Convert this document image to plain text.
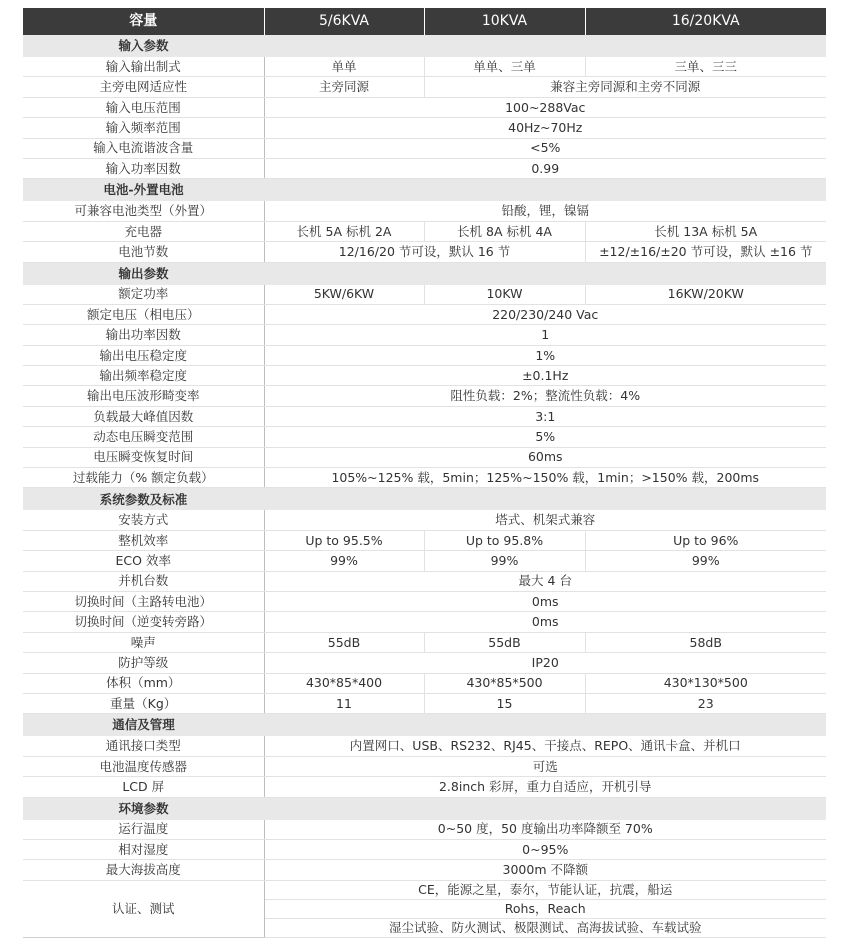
容量	5/6KVA	10KVA	16/20KVA
输入参数			
输入输出制式	单单	单单、三单	三单、三三
主旁电网适应性	主旁同源	兼容主旁同源和主旁不同源	
输入电压范围	100~288Vac		
输入频率范围	40Hz~70Hz		
输入电流谐波含量	<5%		
输入功率因数	0.99		
电池-外置电池			
可兼容电池类型（外置）	铅酸，锂，镍镉		
充电器	长机 5A 标机 2A	长机 8A 标机 4A	长机 13A 标机 5A
电池节数	12/16/20 节可设，默认 16 节		±12/±16/±20 节可设，默认 ±16 节
输出参数			
额定功率	5KW/6KW	10KW	16KW/20KW
额定电压（相电压）	220/230/240 Vac		
输出功率因数	1		
输出电压稳定度	1%		
输出频率稳定度	±0.1Hz		
输出电压波形畸变率	阻性负载：2%；整流性负载：4%		
负载最大峰值因数	3:1		
动态电压瞬变范围	5%		
电压瞬变恢复时间	60ms		
过载能力（% 额定负载）	105%~125% 载，5min；125%~150% 载，1min；>150% 载，200ms		
系统参数及标准			
安装方式	塔式、机架式兼容		
整机效率	Up to 95.5%	Up to 95.8%	Up to 96%
ECO 效率	99%	99%	99%
并机台数	最大 4 台		
切换时间（主路转电池）	0ms		
切换时间（逆变转旁路）	0ms		
噪声	55dB	55dB	58dB
防护等级	IP20		
体积（mm）	430*85*400	430*85*500	430*130*500
重量（Kg）	11	15	23
通信及管理			
通讯接口类型	内置网口、USB、RS232、RJ45、干接点、REPO、通讯卡盒、并机口		
电池温度传感器	可选		
LCD 屏	2.8inch 彩屏，重力自适应，开机引导		
环境参数			
运行温度	0~50 度，50 度输出功率降额至 70%		
相对湿度	0~95%		
最大海拔高度	3000m 不降额		
认证、测试	CE，能源之星，泰尔，节能认证，抗震，船运		
	Rohs，Reach		
	湿尘试验、防火测试、极限测试、高海拔试验、车载试验		
